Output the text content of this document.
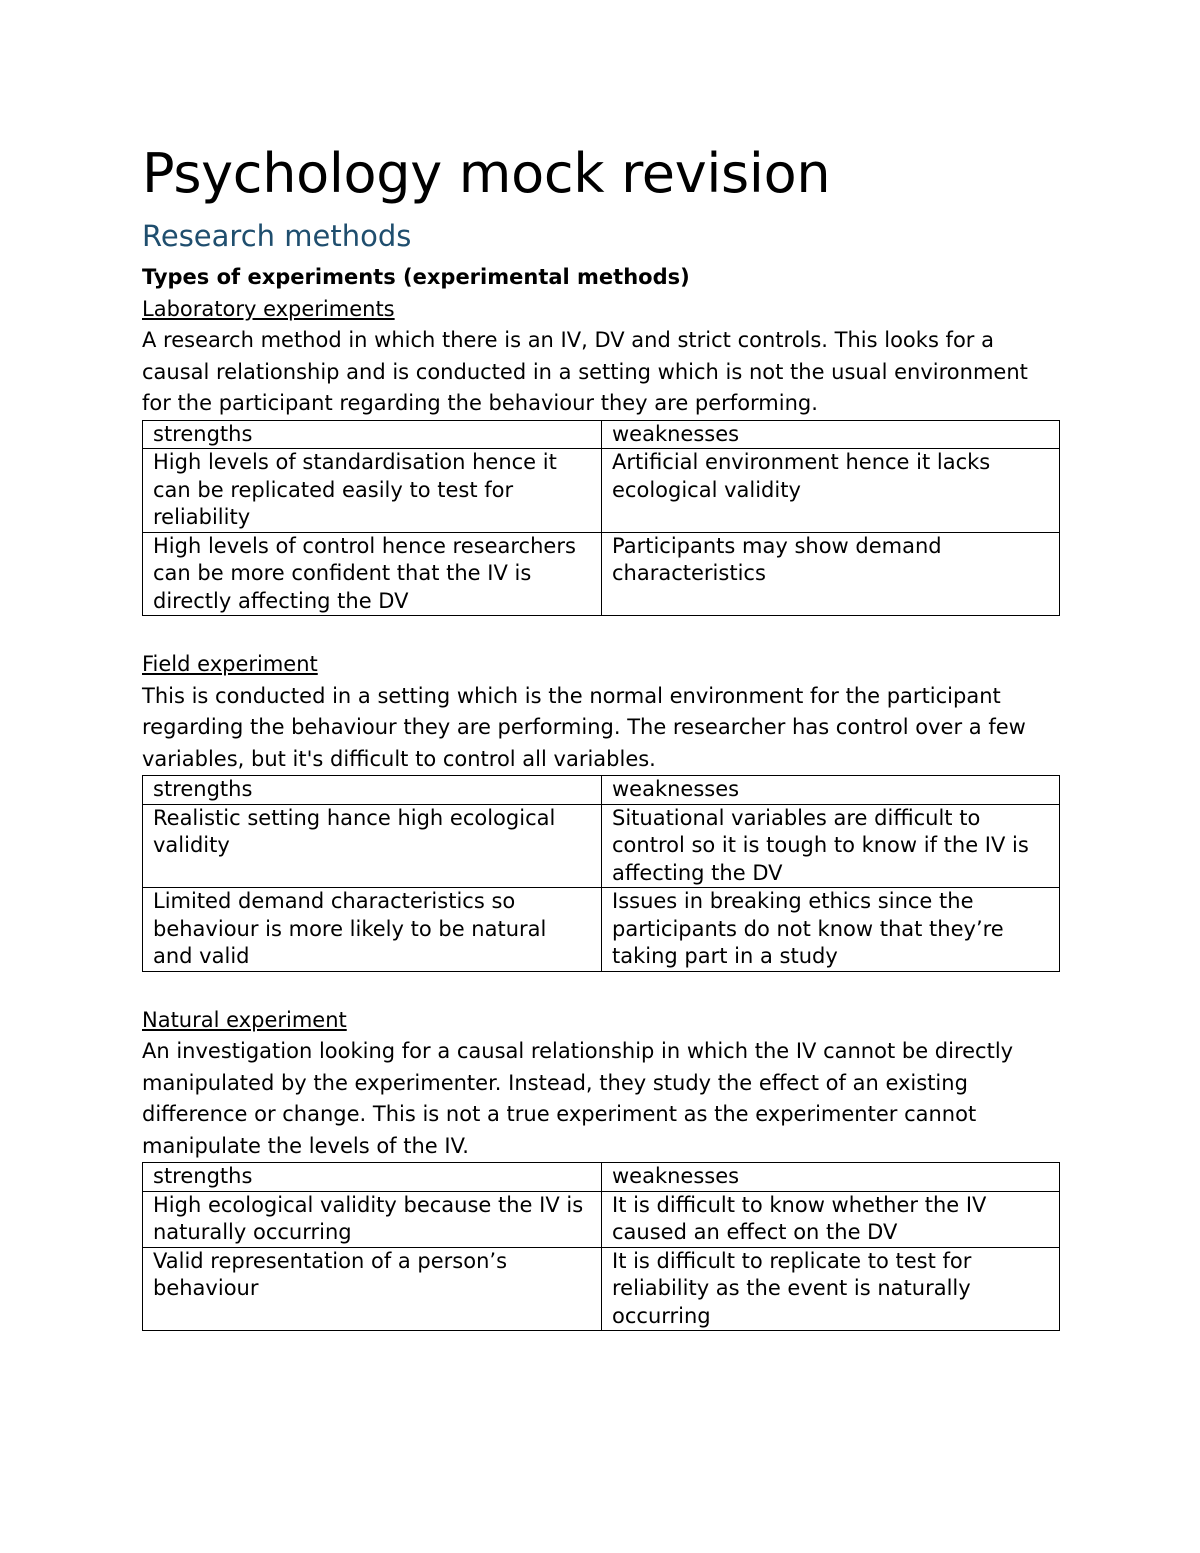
Psychology mock revision
Research methods

Types of experiments (experimental methods)

Laboratory experiments

A research method in which there is an IV, DV and strict controls. This looks for a causal relationship and is conducted in a setting which is not the usual environment for the participant regarding the behaviour they are performing.

strengths	weaknesses
High levels of standardisation hence it can be replicated easily to test for reliability	Artificial environment hence it lacks ecological validity
High levels of control hence researchers can be more confident that the IV is directly affecting the DV	Participants may show demand characteristics

Field experiment

This is conducted in a setting which is the normal environment for the participant regarding the behaviour they are performing. The researcher has control over a few variables, but it's difficult to control all variables.

strengths	weaknesses
Realistic setting hance high ecological validity	Situational variables are difficult to control so it is tough to know if the IV is affecting the DV
Limited demand characteristics so behaviour is more likely to be natural and valid	Issues in breaking ethics since the participants do not know that they’re taking part in a study

Natural experiment

An investigation looking for a causal relationship in which the IV cannot be directly manipulated by the experimenter. Instead, they study the effect of an existing difference or change. This is not a true experiment as the experimenter cannot manipulate the levels of the IV.

strengths	weaknesses
High ecological validity because the IV is naturally occurring	It is difficult to know whether the IV caused an effect on the DV
Valid representation of a person’s behaviour	It is difficult to replicate to test for reliability as the event is naturally occurring
